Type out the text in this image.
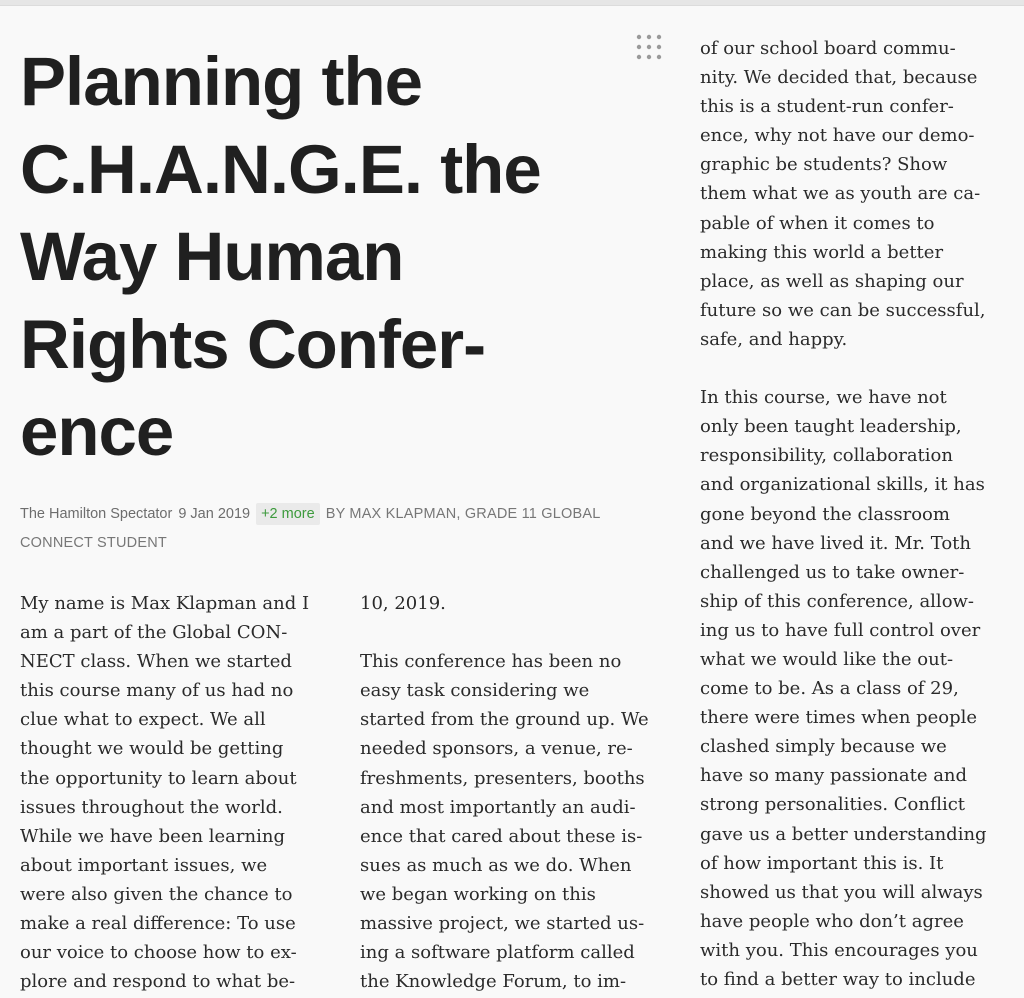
Planning the
C.H.A.N.G.E. the
Way Human
Rights Confer-
ence
The Hamilton Spectator 9 Jan 2019 +2 more BY MAX KLAPMAN, GRADE 11 GLOBAL
CONNECT STUDENT

My name is Max Klapman and I
am a part of the Global CON-
NECT class. When we started
this course many of us had no
clue what to expect. We all
thought we would be getting
the opportunity to learn about
issues throughout the world.
While we have been learning
about important issues, we
were also given the chance to
make a real difference: To use
our voice to choose how to ex-
plore and respond to what be-

10, 2019.

This conference has been no
easy task considering we
started from the ground up. We
needed sponsors, a venue, re-
freshments, presenters, booths
and most importantly an audi-
ence that cared about these is-
sues as much as we do. When
we began working on this
massive project, we started us-
ing a software platform called
the Knowledge Forum, to im-

of our school board commu-
nity. We decided that, because
this is a student-run confer-
ence, why not have our demo-
graphic be students? Show
them what we as youth are ca-
pable of when it comes to
making this world a better
place, as well as shaping our
future so we can be successful,
safe, and happy.

In this course, we have not
only been taught leadership,
responsibility, collaboration
and organizational skills, it has
gone beyond the classroom
and we have lived it. Mr. Toth
challenged us to take owner-
ship of this conference, allow-
ing us to have full control over
what we would like the out-
come to be. As a class of 29,
there were times when people
clashed simply because we
have so many passionate and
strong personalities. Conflict
gave us a better understanding
of how important this is. It
showed us that you will always
have people who don’t agree
with you. This encourages you
to find a better way to include
